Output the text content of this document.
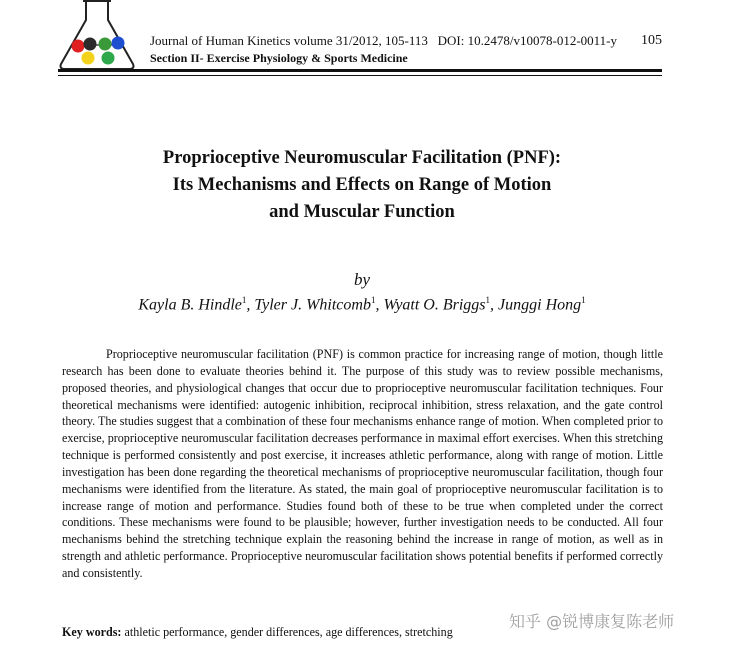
Journal of Human Kinetics volume 31/2012, 105-113 DOI: 10.2478/v10078-012-0011-y 105
Section II- Exercise Physiology & Sports Medicine
Proprioceptive Neuromuscular Facilitation (PNF):
Its Mechanisms and Effects on Range of Motion
and Muscular Function
by
Kayla B. Hindle$^1$, Tyler J. Whitcomb$^1$, Wyatt O. Briggs$^1$, Junggi Hong$^1$

Proprioceptive neuromuscular facilitation (PNF) is common practice for increasing range of motion, though little research has been done to evaluate theories behind it. The purpose of this study was to review possible mechanisms, proposed theories, and physiological changes that occur due to proprioceptive neuromuscular facilitation techniques. Four theoretical mechanisms were identified: autogenic inhibition, reciprocal inhibition, stress relaxation, and the gate control theory. The studies suggest that a combination of these four mechanisms enhance range of motion. When completed prior to exercise, proprioceptive neuromuscular facilitation decreases performance in maximal effort exercises. When this stretching technique is performed consistently and post exercise, it increases athletic performance, along with range of motion. Little investigation has been done regarding the theoretical mechanisms of proprioceptive neuromuscular facilitation, though four mechanisms were identified from the literature. As stated, the main goal of proprioceptive neuromuscular facilitation is to increase range of motion and performance. Studies found both of these to be true when completed under the correct conditions. These mechanisms were found to be plausible; however, further investigation needs to be conducted. All four mechanisms behind the stretching technique explain the reasoning behind the increase in range of motion, as well as in strength and athletic performance. Proprioceptive neuromuscular facilitation shows potential benefits if performed correctly and consistently.

Key words: athletic performance, gender differences, age differences, stretching
知乎 @锐博康复陈老师
